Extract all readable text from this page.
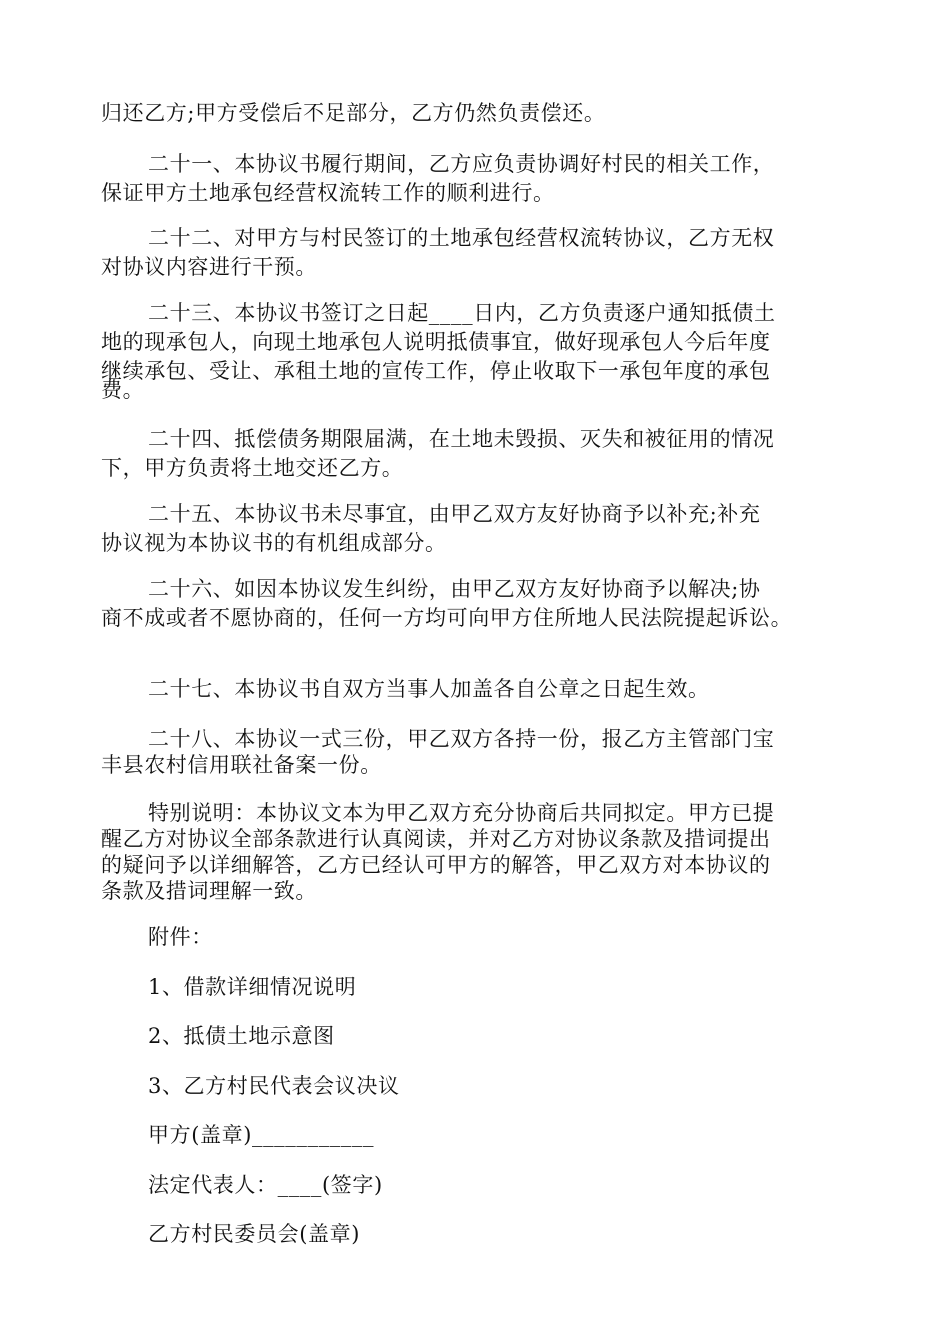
归还乙方;甲方受偿后不足部分，乙方仍然负责偿还。
二十一、本协议书履行期间，乙方应负责协调好村民的相关工作，
保证甲方土地承包经营权流转工作的顺利进行。
二十二、对甲方与村民签订的土地承包经营权流转协议，乙方无权
对协议内容进行干预。
二十三、本协议书签订之日起____日内，乙方负责逐户通知抵债土
地的现承包人，向现土地承包人说明抵债事宜，做好现承包人今后年度
继续承包、受让、承租土地的宣传工作，停止收取下一承包年度的承包
费。
二十四、抵偿债务期限届满，在土地未毁损、灭失和被征用的情况
下，甲方负责将土地交还乙方。
二十五、本协议书未尽事宜，由甲乙双方友好协商予以补充;补充
协议视为本协议书的有机组成部分。
二十六、如因本协议发生纠纷，由甲乙双方友好协商予以解决;协
商不成或者不愿协商的，任何一方均可向甲方住所地人民法院提起诉讼。
二十七、本协议书自双方当事人加盖各自公章之日起生效。
二十八、本协议一式三份，甲乙双方各持一份，报乙方主管部门宝
丰县农村信用联社备案一份。
特别说明：本协议文本为甲乙双方充分协商后共同拟定。甲方已提
醒乙方对协议全部条款进行认真阅读，并对乙方对协议条款及措词提出
的疑问予以详细解答，乙方已经认可甲方的解答，甲乙双方对本协议的
条款及措词理解一致。
附件：
1、借款详细情况说明
2、抵债土地示意图
3、乙方村民代表会议决议
甲方(盖章)___________
法定代表人：____(签字)
乙方村民委员会(盖章)
